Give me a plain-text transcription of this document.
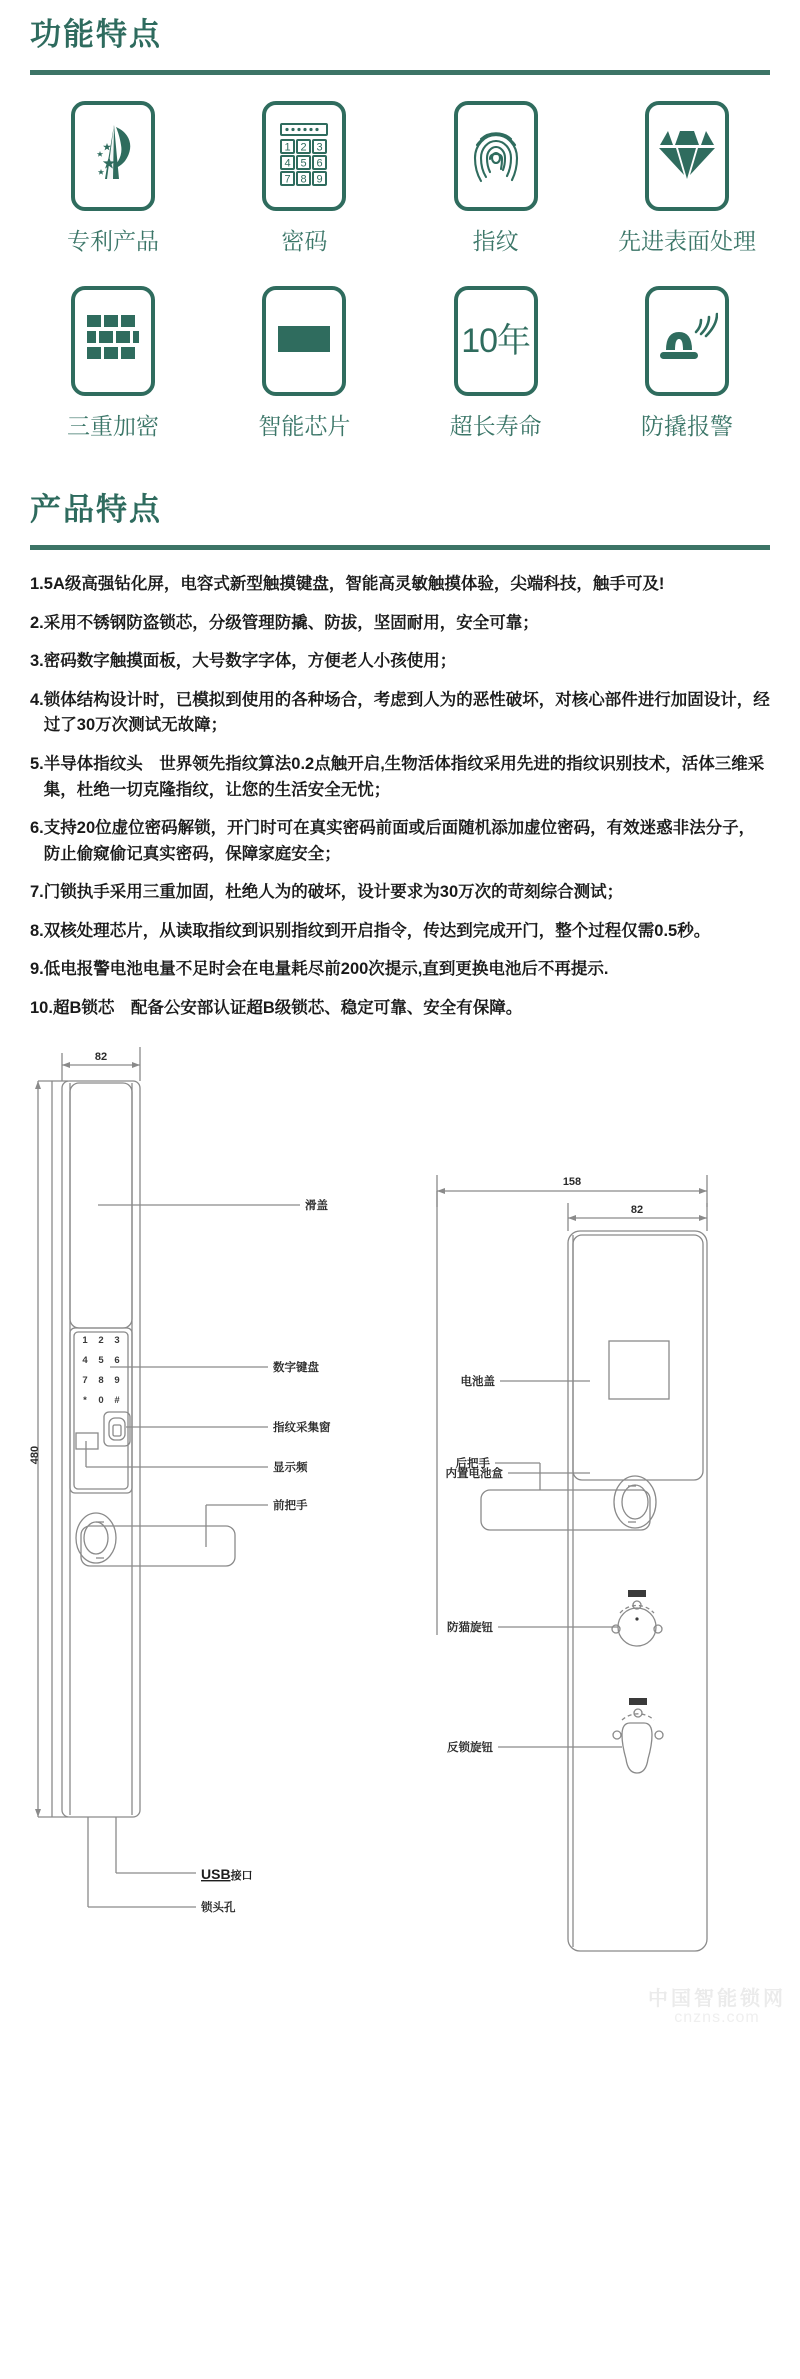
功能特点
专利产品
1 2 3
4 5 6
7 8 9
密码	指纹	先进表面处理
三重加密	智能芯片
10年
超长寿命	防撬报警
产品特点
1. 5A级高强钻化屏，电容式新型触摸键盘，智能高灵敏触摸体验，尖端科技，触手可及!
2. 采用不锈钢防盗锁芯，分级管理防撬、防拔，坚固耐用，安全可靠；
3. 密码数字触摸面板，大号数字字体，方便老人小孩使用；
4. 锁体结构设计时，已模拟到使用的各种场合，考虑到人为的恶性破坏，对核心部件进行加固设计，经过了30万次测试无故障；
5. 半导体指纹头　世界领先指纹算法0.2点触开启,生物活体指纹采用先进的指纹识别技术，活体三维采集，杜绝一切克隆指纹，让您的生活安全无忧；
6. 支持20位虚位密码解锁，开门时可在真实密码前面或后面随机添加虚位密码，有效迷惑非法分子，防止偷窥偷记真实密码，保障家庭安全；
7. 门锁执手采用三重加固，杜绝人为的破坏，设计要求为30万次的苛刻综合测试；
8. 双核处理芯片，从读取指纹到识别指纹到开启指令，传达到完成开门，整个过程仅需0.5秒。
9. 低电报警电池电量不足时会在电量耗尽前200次提示,直到更换电池后不再提示.
10. 超B锁芯　配备公安部认证超B级锁芯、稳定可靠、安全有保障。
1 2 3
4 5 6
7 8 9
* 0 #
82
480
滑盖
数字键盘
指纹采集窗
显示频
前把手
锁头孔
USB接口
158
82
电池盖
内置电池盒
后把手
防猫旋钮
反锁旋钮
中国智能锁网
cnzns.com
